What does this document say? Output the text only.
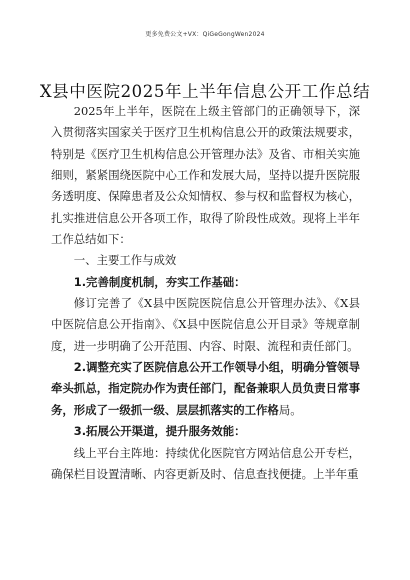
更多免费公文+VX：QiGeGongWen2024
X县中医院2025年上半年信息公开工作总结

2025年上半年，医院在上级主管部门的正确领导下，深入贯彻落实国家关于医疗卫生机构信息公开的政策法规要求，特别是《医疗卫生机构信息公开管理办法》及省、市相关实施细则，紧紧围绕医院中心工作和发展大局，坚持以提升医院服务透明度、保障患者及公众知情权、参与权和监督权为核心，扎实推进信息公开各项工作，取得了阶段性成效。现将上半年工作总结如下：

一、主要工作与成效

1.完善制度机制，夯实工作基础：

修订完善了《X县中医院医院信息公开管理办法》、《X县中医院信息公开指南》、《X县中医院信息公开目录》等规章制度，进一步明确了公开范围、内容、时限、流程和责任部门。

2.调整充实了医院信息公开工作领导小组，明确分管领导牵头抓总，指定院办作为责任部门，配备兼职人员负责日常事务，形成了一级抓一级、层层抓落实的工作格局。

3.拓展公开渠道，提升服务效能：

线上平台主阵地：持续优化医院官方网站信息公开专栏，确保栏目设置清晰、内容更新及时、信息查找便捷。上半年重
